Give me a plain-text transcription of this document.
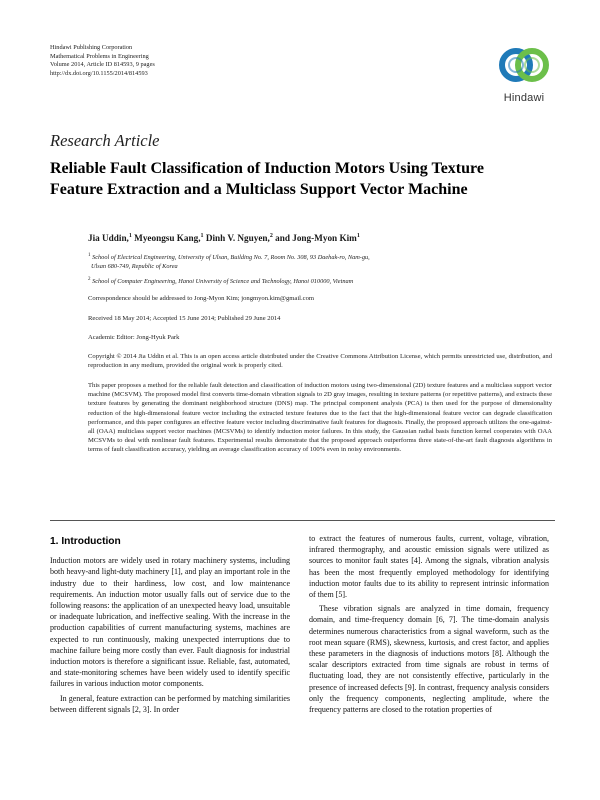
Hindawi Publishing Corporation
Mathematical Problems in Engineering
Volume 2014, Article ID 814593, 9 pages
http://dx.doi.org/10.1155/2014/814593
Hindawi
Research Article
Reliable Fault Classification of Induction Motors Using Texture
Feature Extraction and a Multiclass Support Vector Machine
Jia Uddin,$^1$ Myeongsu Kang,$^1$ Dinh V. Nguyen,$^2$ and Jong-Myon Kim$^1$
$^1$ School of Electrical Engineering, University of Ulsan, Building No. 7, Room No. 308, 93 Daehak-ro, Nam-gu,
Ulsan 680-749, Republic of Korea
$^2$ School of Computer Engineering, Hanoi University of Science and Technology, Hanoi 010000, Vietnam
Correspondence should be addressed to Jong-Myon Kim; jongmyon.kim@gmail.com
Received 18 May 2014; Accepted 15 June 2014; Published 29 June 2014
Academic Editor: Jong-Hyuk Park
Copyright © 2014 Jia Uddin et al. This is an open access article distributed under the Creative Commons Attribution License, which permits unrestricted use, distribution, and reproduction in any medium, provided the original work is properly cited.
This paper proposes a method for the reliable fault detection and classification of induction motors using two-dimensional (2D) texture features and a multiclass support vector machine (MCSVM). The proposed model first converts time-domain vibration signals to 2D gray images, resulting in texture patterns (or repetitive patterns), and extracts these texture features by generating the dominant neighborhood structure (DNS) map. The principal component analysis (PCA) is then used for the purpose of dimensionality reduction of the high-dimensional feature vector including the extracted texture features due to the fact that the high-dimensional feature vector can degrade classification performance, and this paper configures an effective feature vector including discriminative fault features for diagnosis. Finally, the proposed approach utilizes the one-against-all (OAA) multiclass support vector machines (MCSVMs) to identify induction motor failures. In this study, the Gaussian radial basis function kernel cooperates with OAA MCSVMs to deal with nonlinear fault features. Experimental results demonstrate that the proposed approach outperforms three state-of-the-art fault diagnosis algorithms in terms of fault classification accuracy, yielding an average classification accuracy of 100% even in noisy environments.
1. Introduction

Induction motors are widely used in rotary machinery systems, including both heavy-and light-duty machinery [1], and play an important role in the industry due to their hardiness, low cost, and low maintenance requirements. An induction motor usually falls out of service due to the following reasons: the application of an unexpected heavy load, unsuitable or inadequate lubrication, and ineffective sealing. With the increase in the production capabilities of current manufacturing systems, machines are expected to run continuously, making unexpected interruptions due to machine failure being more costly than ever. Fault diagnosis for industrial induction motors is therefore a significant issue. Reliable, fast, automated, and state-monitoring schemes have been widely used to identify specific failures in various induction motor components.

In general, feature extraction can be performed by matching similarities between different signals [2, 3]. In order

to extract the features of numerous faults, current, voltage, vibration, infrared thermography, and acoustic emission signals were utilized as sources to monitor fault states [4]. Among the signals, vibration analysis has been the most frequently employed methodology for identifying induction motor faults due to its ability to represent intrinsic information of them [5].

These vibration signals are analyzed in time domain, frequency domain, and time-frequency domain [6, 7]. The time-domain analysis determines numerous characteristics from a signal waveform, such as the root mean square (RMS), skewness, kurtosis, and crest factor, and applies these parameters in the diagnosis of inductions motors [8]. Although the scalar descriptors extracted from time signals are robust in terms of fluctuating load, they are not consistently effective, particularly in the presence of increased defects [9]. In contrast, frequency analysis considers only the frequency components, neglecting amplitude, where the frequency patterns are closed to the rotation properties of
